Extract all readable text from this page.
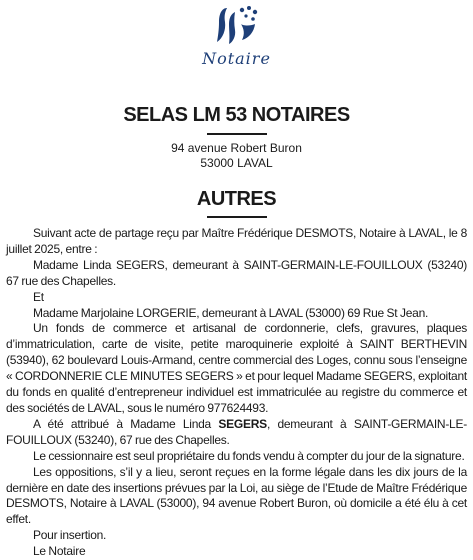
Notaire
SELAS LM 53 NOTAIRES
94 avenue Robert Buron
53000 LAVAL
AUTRES

Suivant acte de partage reçu par Maître Frédérique DESMOTS, Notaire à LAVAL, le 8 juillet 2025, entre :

Madame Linda SEGERS, demeurant à SAINT-GERMAIN-LE-FOUILLOUX (53240) 67 rue des Chapelles.

Et

Madame Marjolaine LORGERIE, demeurant à LAVAL (53000) 69 Rue St Jean.

Un fonds de commerce et artisanal de cordonnerie, clefs, gravures, plaques d’immatriculation, carte de visite, petite maroquinerie exploité à SAINT BERTHEVIN (53940), 62 boulevard Louis-Armand, centre commercial des Loges, connu sous l’enseigne « CORDONNERIE CLE MINUTES SEGERS » et pour lequel Madame SEGERS, exploitant du fonds en qualité d’entrepreneur individuel est immatriculée au registre du commerce et des sociétés de LAVAL, sous le numéro 977624493.

A été attribué à Madame Linda SEGERS, demeurant à SAINT-GERMAIN-LE-FOUILLOUX (53240), 67 rue des Chapelles.

Le cessionnaire est seul propriétaire du fonds vendu à compter du jour de la signature.

Les oppositions, s’il y a lieu, seront reçues en la forme légale dans les dix jours de la dernière en date des insertions prévues par la Loi, au siège de l’Etude de Maître Frédérique DESMOTS, Notaire à LAVAL (53000), 94 avenue Robert Buron, où domicile a été élu à cet effet.

Pour insertion.

Le Notaire
